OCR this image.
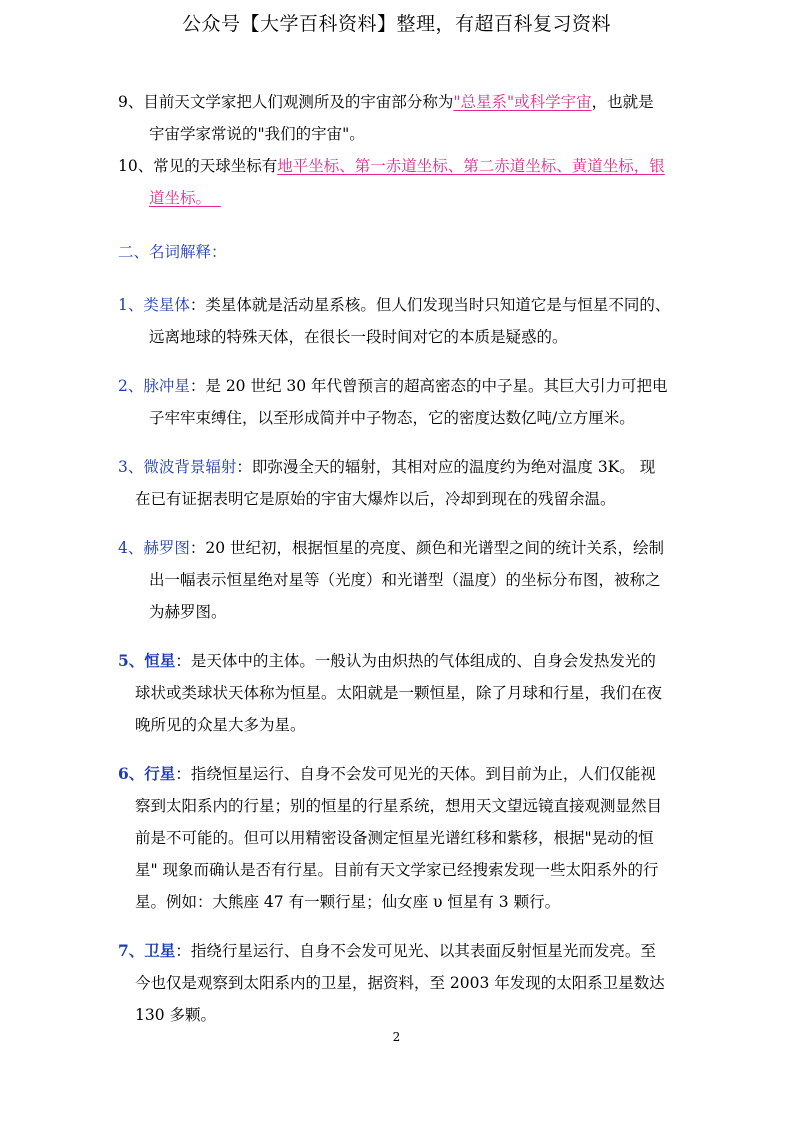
公众号【大学百科资料】整理，有超百科复习资料
9、目前天文学家把人们观测所及的宇宙部分称为"总星系"或科学宇宙，也就是
宇宙学家常说的"我们的宇宙"。
10、常见的天球坐标有地平坐标、第一赤道坐标、第二赤道坐标、黄道坐标，银
道坐标。
二、名词解释：
1、类星体：类星体就是活动星系核。但人们发现当时只知道它是与恒星不同的、
远离地球的特殊天体，在很长一段时间对它的本质是疑惑的。
2、脉冲星：是 20 世纪 30 年代曾预言的超高密态的中子星。其巨大引力可把电
子牢牢束缚住，以至形成简并中子物态，它的密度达数亿吨/立方厘米。
3、微波背景辐射：即弥漫全天的辐射，其相对应的温度约为绝对温度 3K。 现
在已有证据表明它是原始的宇宙大爆炸以后，冷却到现在的残留余温。
4、赫罗图：20 世纪初，根据恒星的亮度、颜色和光谱型之间的统计关系，绘制
出一幅表示恒星绝对星等（光度）和光谱型（温度）的坐标分布图，被称之
为赫罗图。
5、恒星：是天体中的主体。一般认为由炽热的气体组成的、自身会发热发光的
球状或类球状天体称为恒星。太阳就是一颗恒星，除了月球和行星，我们在夜
晚所见的众星大多为星。
6、行星：指绕恒星运行、自身不会发可见光的天体。到目前为止，人们仅能视
察到太阳系内的行星；别的恒星的行星系统，想用天文望远镜直接观测显然目
前是不可能的。但可以用精密设备测定恒星光谱红移和紫移，根据"晃动的恒
星" 现象而确认是否有行星。目前有天文学家已经搜索发现一些太阳系外的行
星。例如：大熊座 47 有一颗行星；仙女座 υ 恒星有 3 颗行。
7、卫星：指绕行星运行、自身不会发可见光、以其表面反射恒星光而发亮。至
今也仅是观察到太阳系内的卫星，据资料，至 2003 年发现的太阳系卫星数达
130 多颗。
2
